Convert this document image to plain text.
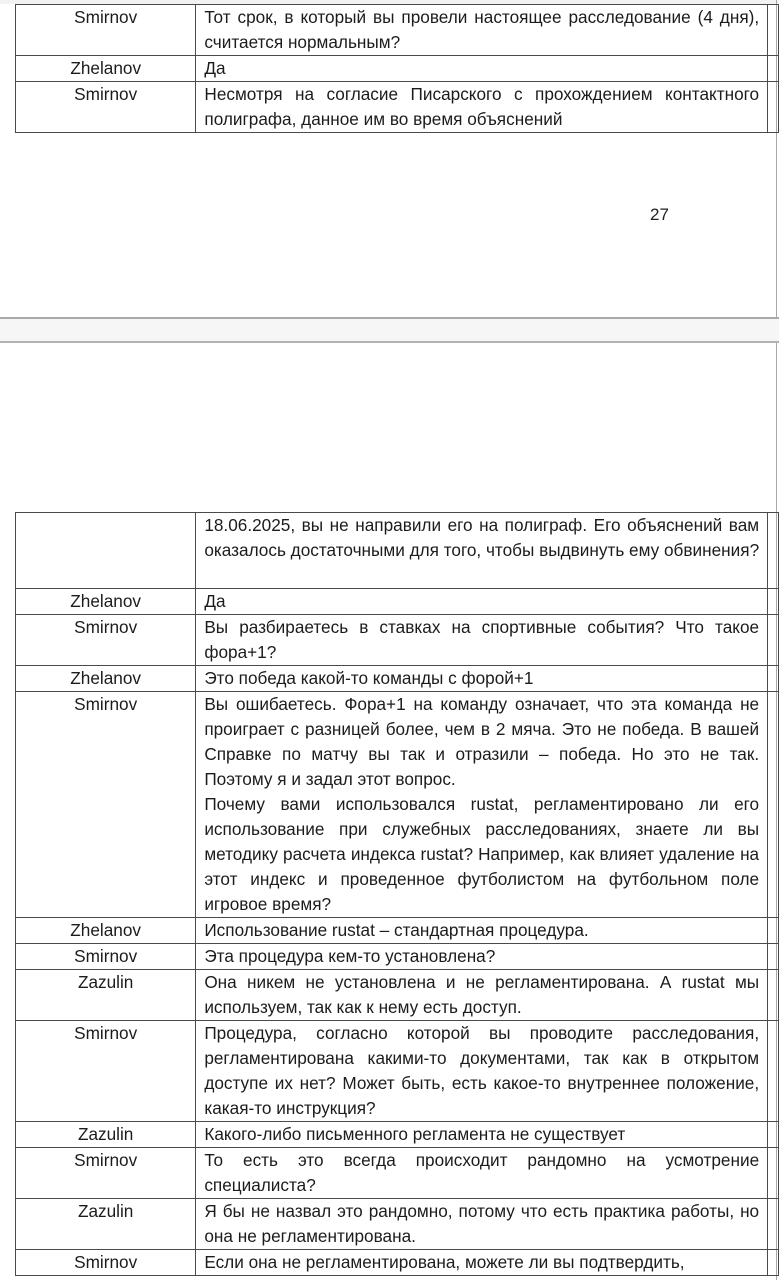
Smirnov	Тот срок, в который вы провели настоящее расследование (4 дня), считается нормальным?	
Zhelanov	Да	
Smirnov	Несмотря на согласие Писарского с прохождением контактного полиграфа, данное им во время объяснений	
27
	18.06.2025, вы не направили его на полиграф. Его объяснений вам оказалось достаточными для того, чтобы выдвинуть ему обвинения?	
Zhelanov	Да	
Smirnov	Вы разбираетесь в ставках на спортивные события? Что такое фора+1?	
Zhelanov	Это победа какой-то команды с форой+1	
Smirnov	Вы ошибаетесь. Фора+1 на команду означает, что эта команда не проиграет с разницей более, чем в 2 мяча. Это не победа. В вашей Справке по матчу вы так и отразили – победа. Но это не так. Поэтому я и задал этот вопрос.
Почему вами использовался rustat, регламентировано ли его использование при служебных расследованиях, знаете ли вы методику расчета индекса rustat? Например, как влияет удаление на этот индекс и проведенное футболистом на футбольном поле игровое время?	

Zhelanov	Использование rustat – стандартная процедура.	
Smirnov	Эта процедура кем-то установлена?	
Zazulin	Она никем не установлена и не регламентирована. А rustat мы используем, так как к нему есть доступ.	
Smirnov	Процедура, согласно которой вы проводите расследования, регламентирована какими-то документами, так как в открытом доступе их нет? Может быть, есть какое-то внутреннее положение, какая-то инструкция?	
Zazulin	Какого-либо письменного регламента не существует	
Smirnov	То есть это всегда происходит рандомно на усмотрение специалиста?	
Zazulin	Я бы не назвал это рандомно, потому что есть практика работы, но она не регламентирована.	
Smirnov	Если она не регламентирована, можете ли вы подтвердить,	
